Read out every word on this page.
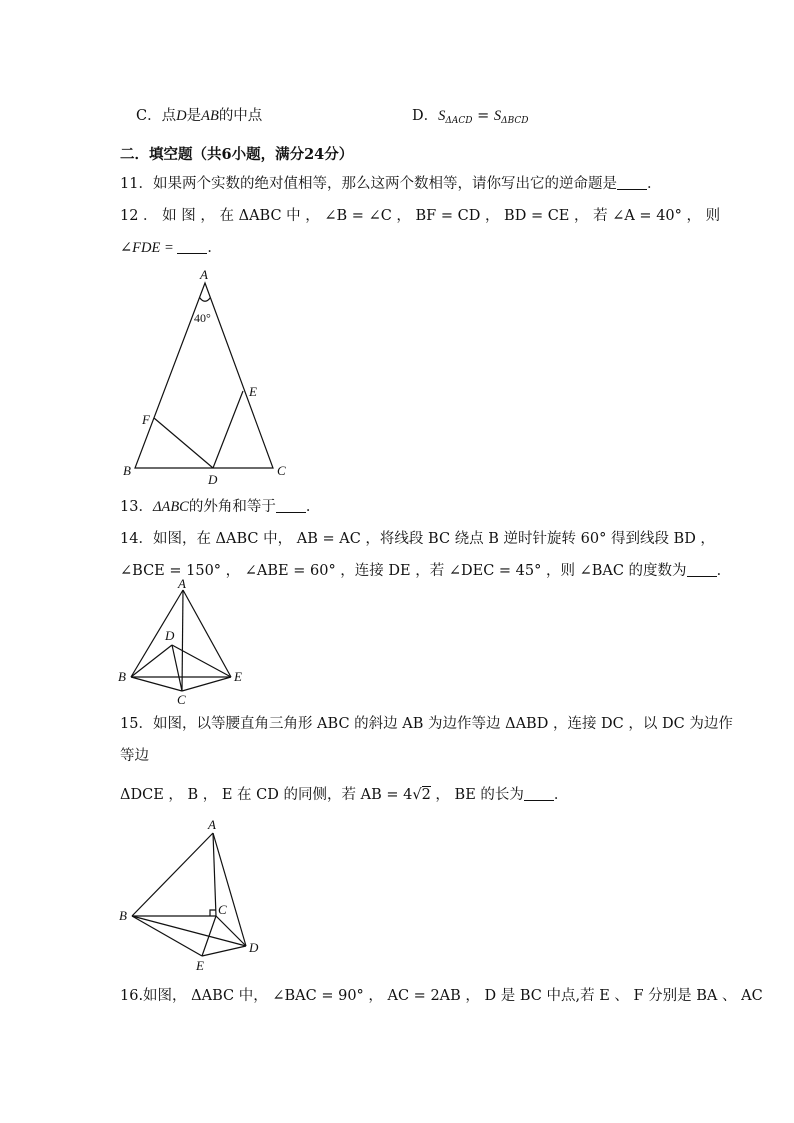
C．点D是AB的中点	D．$S_{\Delta ACD} = S_{\Delta BCD}$
二．填空题（共6小题，满分24分）
11．如果两个实数的绝对值相等，那么这两个数相等，请你写出它的逆命题是 ．
12 ． 如 图 ， 在 ΔABC 中 ， ∠B = ∠C ， BF = CD ， BD = CE ， 若 ∠A = 40° ， 则
∠FDE = ．
A
40°
E
F
B
D
C
13．ΔABC的外角和等于 ．
14．如图，在 ΔABC 中， AB = AC ，将线段 BC 绕点 B 逆时针旋转 60° 得到线段 BD ，
∠BCE = 150° ， ∠ABE = 60° ，连接 DE ，若 ∠DEC = 45° ，则 ∠BAC 的度数为 ．
A
D
B	E
C
15．如图，以等腰直角三角形 ABC 的斜边 AB 为边作等边 ΔABD ，连接 DC ，以 DC 为边作
等边
ΔDCE ， B ， E 在 CD 的同侧，若 AB = 4√2 ， BE 的长为 ．
A
B	C
D
E
16.如图， ΔABC 中， ∠BAC = 90° ， AC = 2AB ， D 是 BC 中点,若 E 、 F 分别是 BA 、 AC
